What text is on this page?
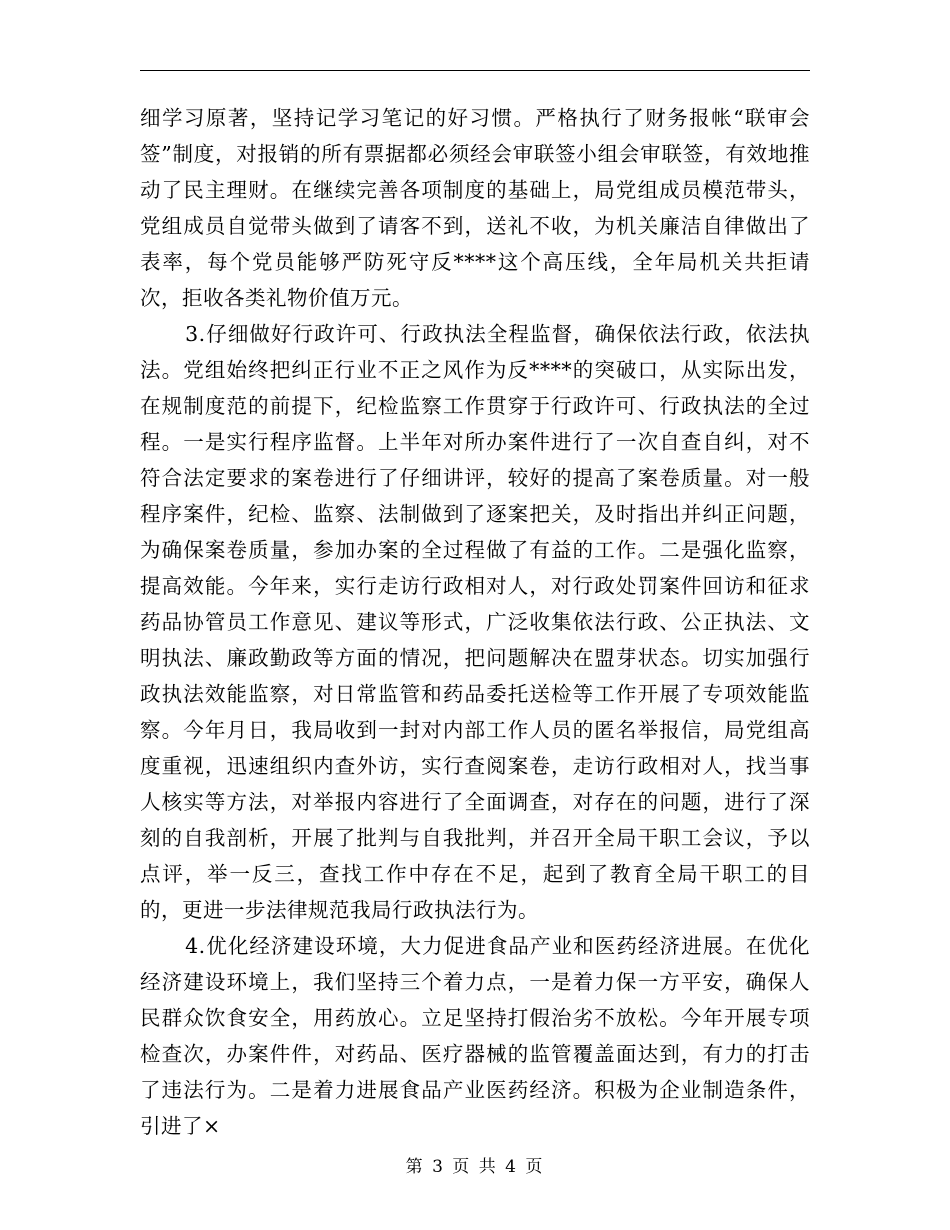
细学习原著，坚持记学习笔记的好习惯。严格执行了财务报帐“联审会签”制度，对报销的所有票据都必须经会审联签小组会审联签，有效地推动了民主理财。在继续完善各项制度的基础上，局党组成员模范带头，党组成员自觉带头做到了请客不到，送礼不收，为机关廉洁自律做出了表率，每个党员能够严防死守反****这个高压线，全年局机关共拒请次，拒收各类礼物价值万元。

3.仔细做好行政许可、行政执法全程监督，确保依法行政，依法执法。党组始终把纠正行业不正之风作为反****的突破口，从实际出发，在规制度范的前提下，纪检监察工作贯穿于行政许可、行政执法的全过程。一是实行程序监督。上半年对所办案件进行了一次自查自纠，对不符合法定要求的案卷进行了仔细讲评，较好的提高了案卷质量。对一般程序案件，纪检、监察、法制做到了逐案把关，及时指出并纠正问题，为确保案卷质量，参加办案的全过程做了有益的工作。二是强化监察，提高效能。今年来，实行走访行政相对人，对行政处罚案件回访和征求药品协管员工作意见、建议等形式，广泛收集依法行政、公正执法、文明执法、廉政勤政等方面的情况，把问题解决在盟芽状态。切实加强行政执法效能监察，对日常监管和药品委托送检等工作开展了专项效能监察。今年月日，我局收到一封对内部工作人员的匿名举报信，局党组高度重视，迅速组织内查外访，实行查阅案卷，走访行政相对人，找当事人核实等方法，对举报内容进行了全面调查，对存在的问题，进行了深刻的自我剖析，开展了批判与自我批判，并召开全局干职工会议，予以点评，举一反三，查找工作中存在不足，起到了教育全局干职工的目的，更进一步法律规范我局行政执法行为。

4.优化经济建设环境，大力促进食品产业和医药经济进展。在优化经济建设环境上，我们坚持三个着力点，一是着力保一方平安，确保人民群众饮食安全，用药放心。立足坚持打假治劣不放松。今年开展专项检查次，办案件件，对药品、医疗器械的监管覆盖面达到，有力的打击了违法行为。二是着力进展食品产业医药经济。积极为企业制造条件，引进了×

第 3 页 共 4 页
